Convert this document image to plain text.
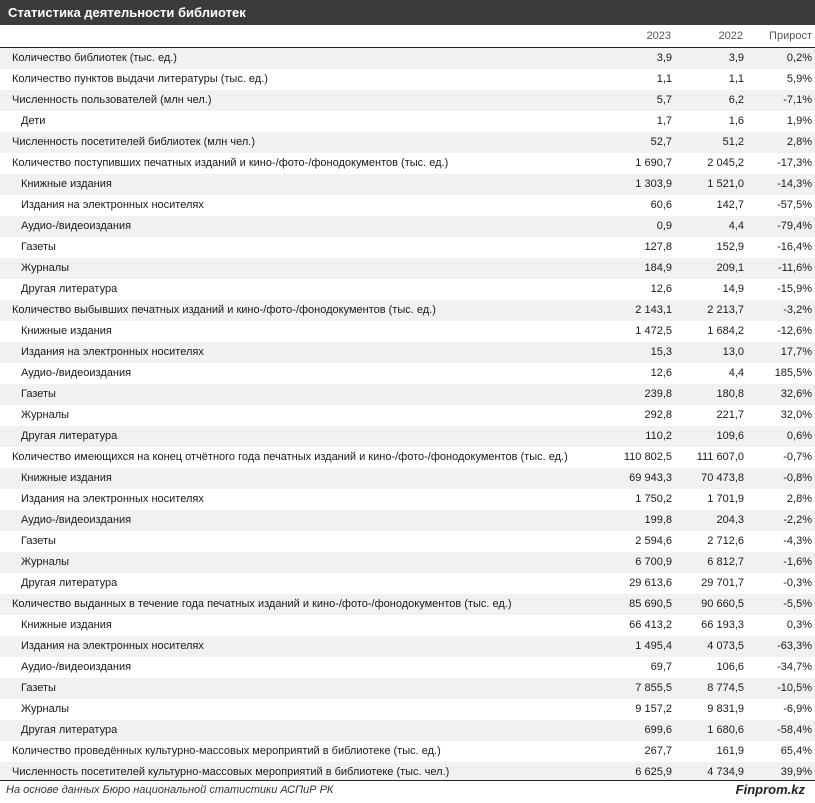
Статистика деятельности библиотек
	2023	2022	Прирост
Количество библиотек (тыс. ед.)	3,9	3,9	0,2%
Количество пунктов выдачи литературы (тыс. ед.)	1,1	1,1	5,9%
Численность пользователей (млн чел.)	5,7	6,2	-7,1%
Дети	1,7	1,6	1,9%
Численность посетителей библиотек (млн чел.)	52,7	51,2	2,8%
Количество поступивших печатных изданий и кино-/фото-/фонодокументов (тыс. ед.)	1 690,7	2 045,2	-17,3%
Книжные издания	1 303,9	1 521,0	-14,3%
Издания на электронных носителях	60,6	142,7	-57,5%
Аудио-/видеоиздания	0,9	4,4	-79,4%
Газеты	127,8	152,9	-16,4%
Журналы	184,9	209,1	-11,6%
Другая литература	12,6	14,9	-15,9%
Количество выбывших печатных изданий и кино-/фото-/фонодокументов (тыс. ед.)	2 143,1	2 213,7	-3,2%
Книжные издания	1 472,5	1 684,2	-12,6%
Издания на электронных носителях	15,3	13,0	17,7%
Аудио-/видеоиздания	12,6	4,4	185,5%
Газеты	239,8	180,8	32,6%
Журналы	292,8	221,7	32,0%
Другая литература	110,2	109,6	0,6%
Количество имеющихся на конец отчётного года печатных изданий и кино-/фото-/фонодокументов (тыс. ед.)	110 802,5	111 607,0	-0,7%
Книжные издания	69 943,3	70 473,8	-0,8%
Издания на электронных носителях	1 750,2	1 701,9	2,8%
Аудио-/видеоиздания	199,8	204,3	-2,2%
Газеты	2 594,6	2 712,6	-4,3%
Журналы	6 700,9	6 812,7	-1,6%
Другая литература	29 613,6	29 701,7	-0,3%
Количество выданных в течение года печатных изданий и кино-/фото-/фонодокументов (тыс. ед.)	85 690,5	90 660,5	-5,5%
Книжные издания	66 413,2	66 193,3	0,3%
Издания на электронных носителях	1 495,4	4 073,5	-63,3%
Аудио-/видеоиздания	69,7	106,6	-34,7%
Газеты	7 855,5	8 774,5	-10,5%
Журналы	9 157,2	9 831,9	-6,9%
Другая литература	699,6	1 680,6	-58,4%
Количество проведённых культурно-массовых мероприятий в библиотеке (тыс. ед.)	267,7	161,9	65,4%
Численность посетителей культурно-массовых мероприятий в библиотеке (тыс. чел.)	6 625,9	4 734,9	39,9%
На основе данных Бюро национальной статистики АСПиР РК	Finprom.kz
